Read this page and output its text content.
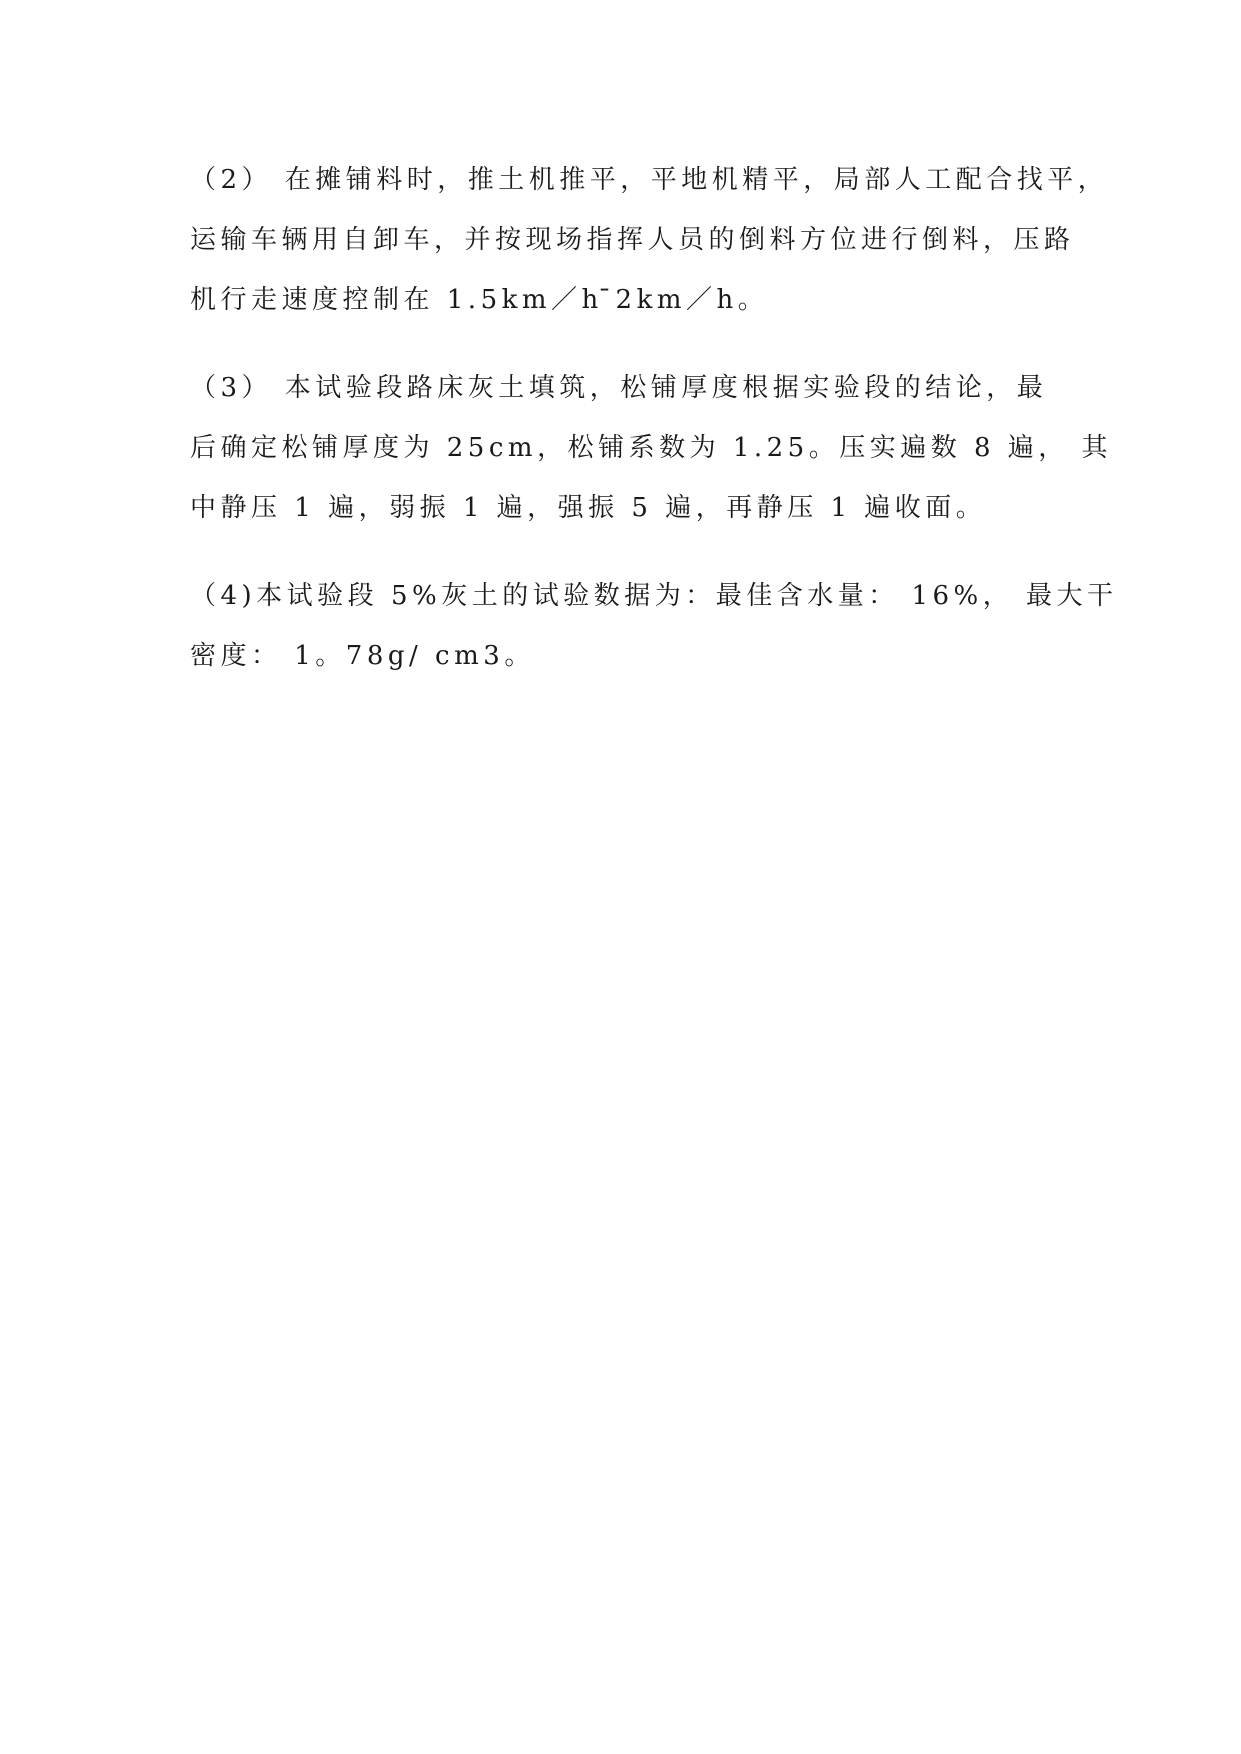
（2） 在摊铺料时，推土机推平，平地机精平，局部人工配合找平，
运输车辆用自卸车，并按现场指挥人员的倒料方位进行倒料，压路
机行走速度控制在 1.5km／h ̄2km／h。

（3） 本试验段路床灰土填筑，松铺厚度根据实验段的结论，最
后确定松铺厚度为 25cm，松铺系数为 1.25。压实遍数 8 遍， 其
中静压 1 遍，弱振 1 遍，强振 5 遍，再静压 1 遍收面。

（4)本试验段 5%灰土的试验数据为：最佳含水量： 16%， 最大干
密度： 1。78g/ cm3。
